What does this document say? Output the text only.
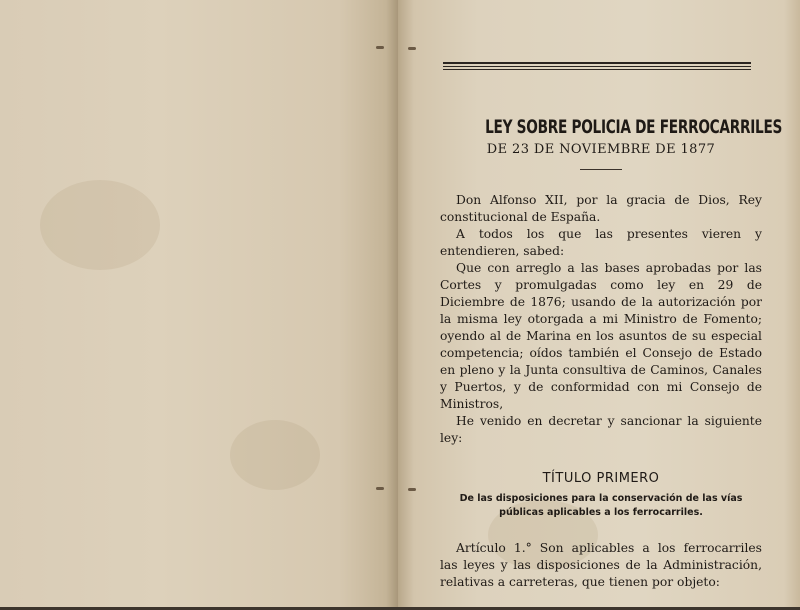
LEY SOBRE POLICIA DE FERROCARRILES
DE 23 DE NOVIEMBRE DE 1877

Don Alfonso XII, por la gracia de Dios, Rey constitucional de España.

A todos los que las presentes vieren y entendieren, sabed:

Que con arreglo a las bases aprobadas por las Cortes y promulgadas como ley en 29 de Diciembre de 1876; usando de la autorización por la misma ley otorgada a mi Ministro de Fomento; oyendo al de Marina en los asuntos de su especial competencia; oídos también el Consejo de Estado en pleno y la Junta consultiva de Caminos, Canales y Puertos, y de conformidad con mi Consejo de Ministros,

He venido en decretar y sancionar la siguiente ley:

TÍTULO PRIMERO
De las disposiciones para la conservación de las vías
públicas aplicables a los ferrocarriles.

Artículo 1.° Son aplicables a los ferrocarriles las leyes y las disposiciones de la Administración, relativas a carreteras, que tienen por objeto:
